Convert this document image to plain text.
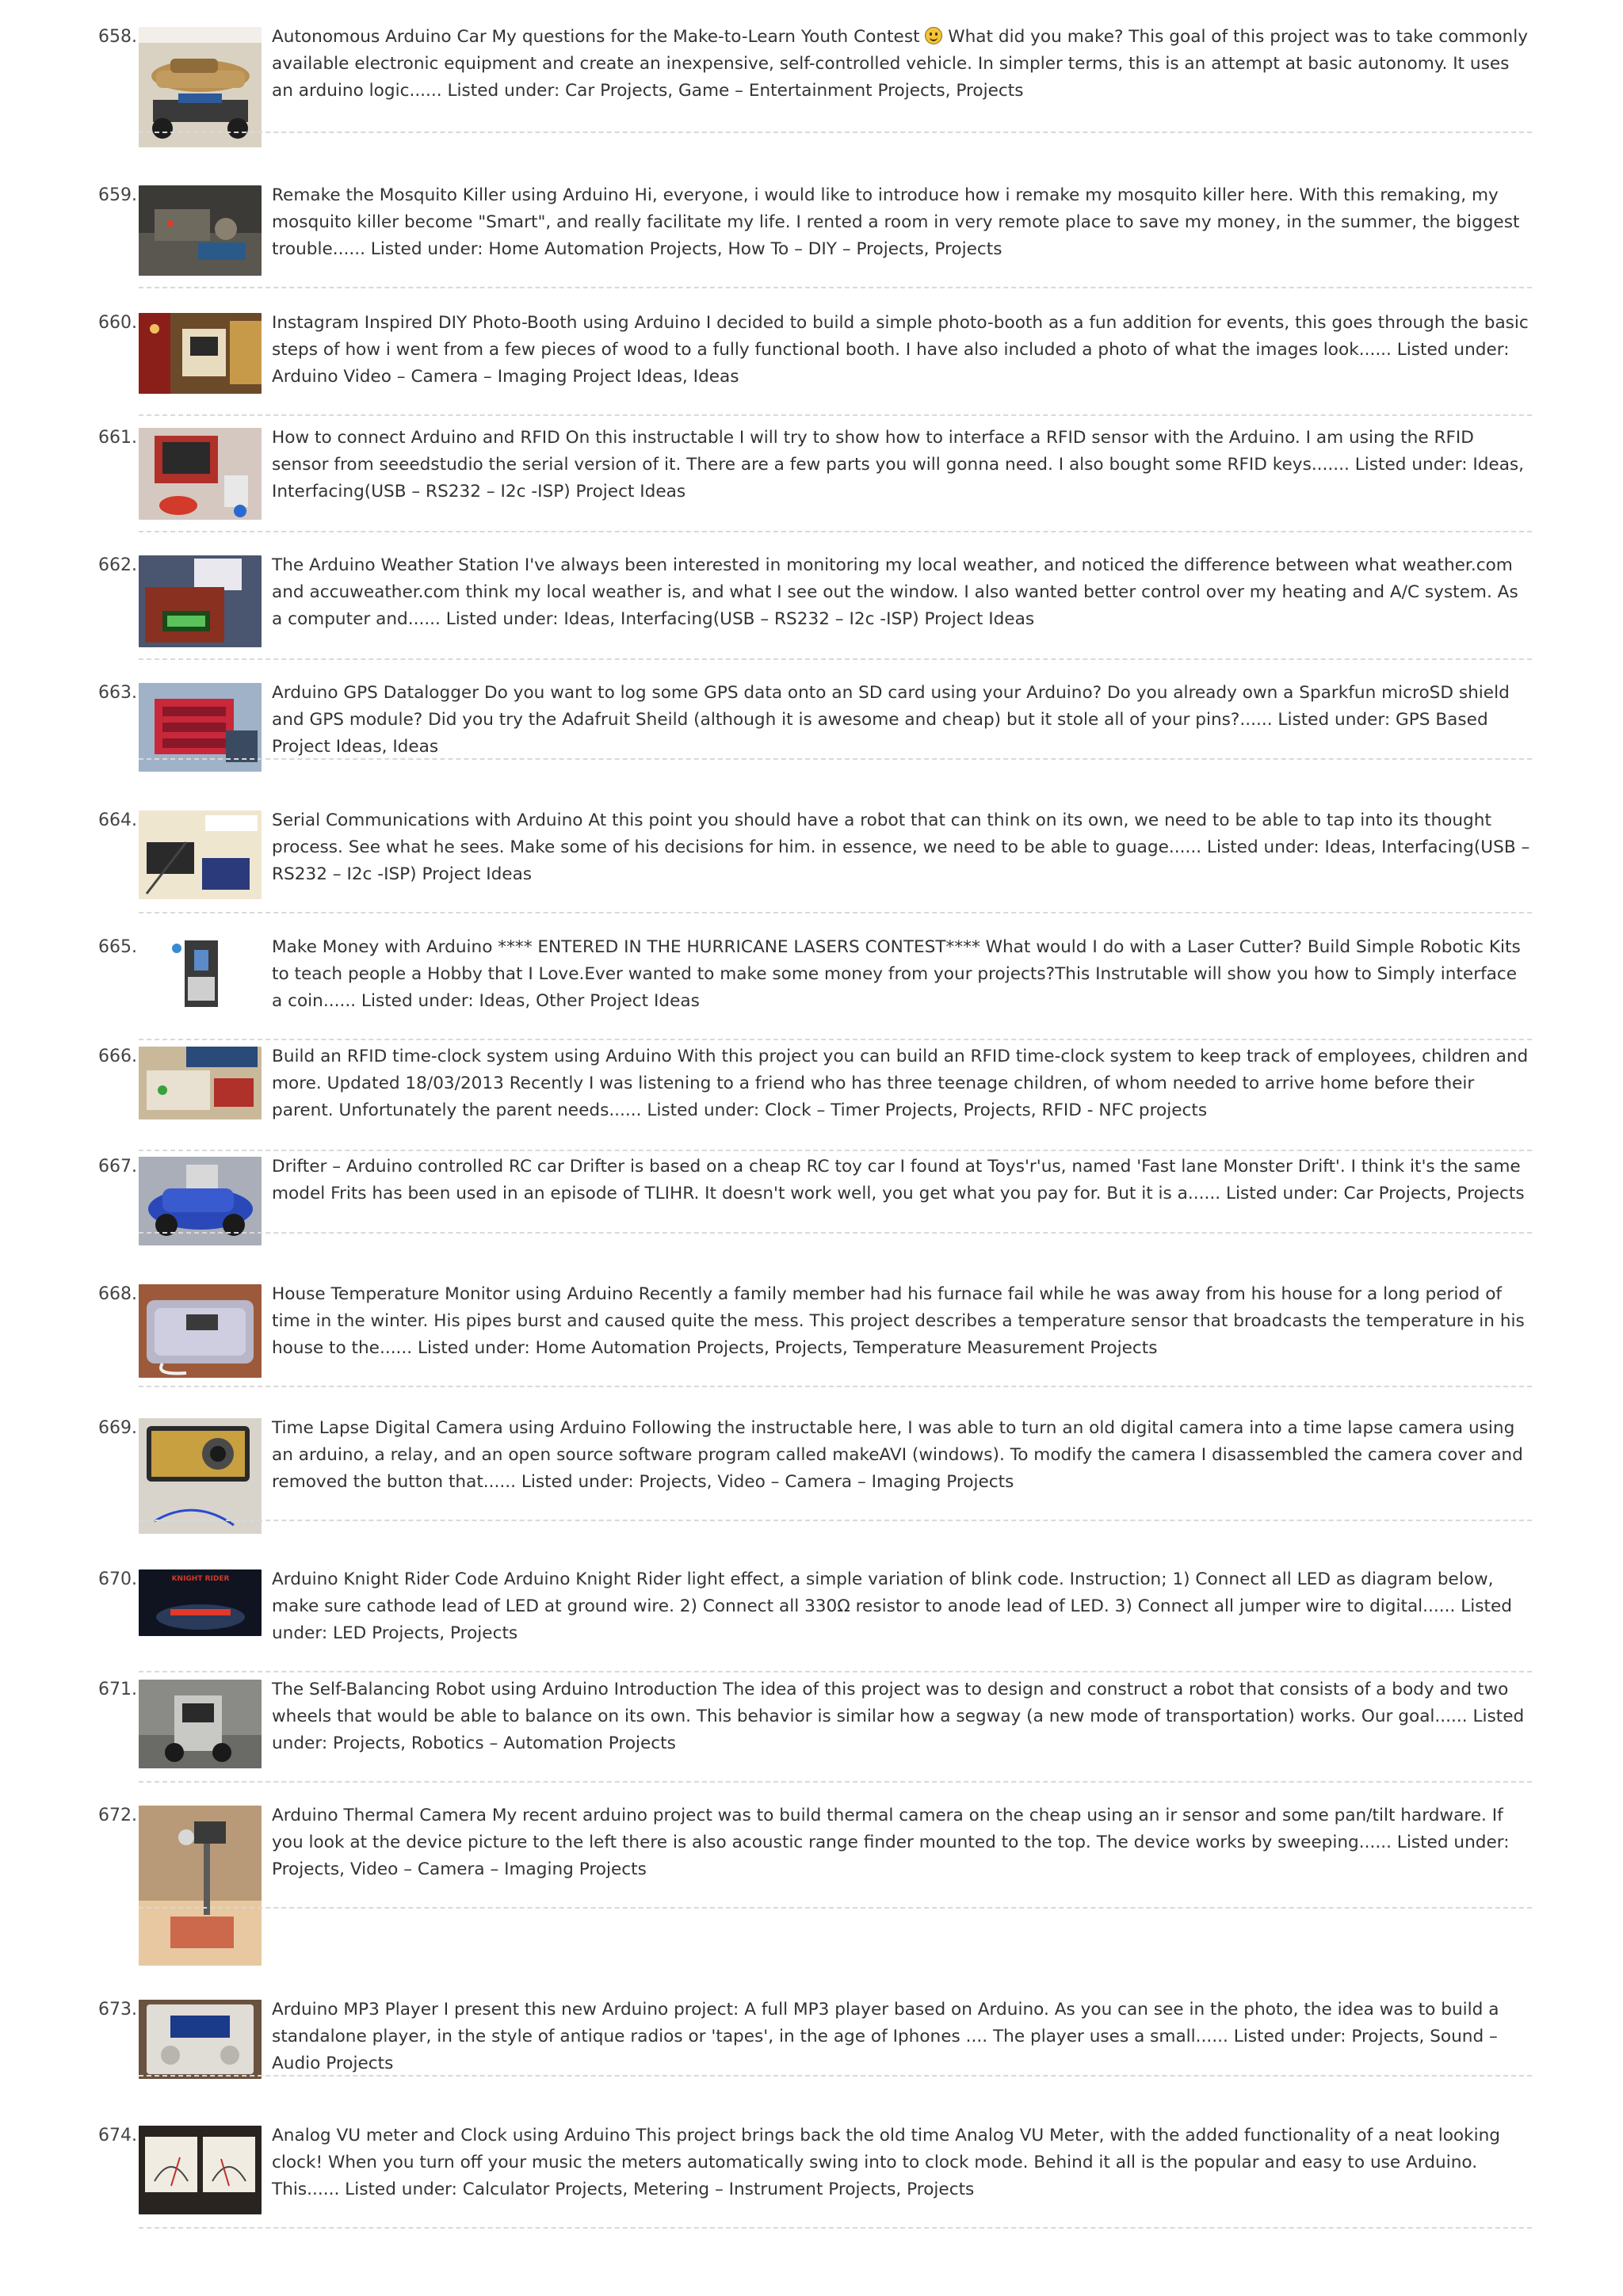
658.	Autonomous Arduino Car My questions for the Make-to-Learn Youth Contest  What did you make? This goal of this project was to take commonly available electronic equipment and create an inexpensive, self-controlled vehicle. In simpler terms, this is an attempt at basic autonomy. It uses an arduino logic...... Listed under: Car Projects, Game – Entertainment Projects, Projects
659.	Remake the Mosquito Killer using Arduino Hi, everyone, i would like to introduce how i remake my mosquito killer here. With this remaking, my mosquito killer become "Smart", and really facilitate my life. I rented a room in very remote place to save my money, in the summer, the biggest trouble...... Listed under: Home Automation Projects, How To – DIY – Projects, Projects
660.	Instagram Inspired DIY Photo-Booth using Arduino I decided to build a simple photo-booth as a fun addition for events, this goes through the basic steps of how i went from a few pieces of wood to a fully functional booth. I have also included a photo of what the images look...... Listed under: Arduino Video – Camera – Imaging Project Ideas, Ideas
661.	How to connect Arduino and RFID On this instructable I will try to show how to interface a RFID sensor with the Arduino. I am using the RFID sensor from seeedstudio the serial version of it. There are a few parts you will gonna need. I also bought some RFID keys....... Listed under: Ideas, Interfacing(USB – RS232 – I2c -ISP) Project Ideas
662.	The Arduino Weather Station I've always been interested in monitoring my local weather, and noticed the difference between what weather.com and accuweather.com think my local weather is, and what I see out the window. I also wanted better control over my heating and A/C system. As a computer and...... Listed under: Ideas, Interfacing(USB – RS232 – I2c -ISP) Project Ideas
663.	Arduino GPS Datalogger Do you want to log some GPS data onto an SD card using your Arduino? Do you already own a Sparkfun microSD shield and GPS module? Did you try the Adafruit Sheild (although it is awesome and cheap) but it stole all of your pins?...... Listed under: GPS Based Project Ideas, Ideas
664.	Serial Communications with Arduino At this point you should have a robot that can think on its own, we need to be able to tap into its thought process. See what he sees. Make some of his decisions for him. in essence, we need to be able to guage...... Listed under: Ideas, Interfacing(USB – RS232 – I2c -ISP) Project Ideas
665.	Make Money with Arduino **** ENTERED IN THE HURRICANE LASERS CONTEST**** What would I do with a Laser Cutter? Build Simple Robotic Kits to teach people a Hobby that I Love.Ever wanted to make some money from your projects?This Instrutable will show you how to Simply interface a coin...... Listed under: Ideas, Other Project Ideas
666.	Build an RFID time-clock system using Arduino With this project you can build an RFID time-clock system to keep track of employees, children and more. Updated 18/03/2013 Recently I was listening to a friend who has three teenage children, of whom needed to arrive home before their parent. Unfortunately the parent needs...... Listed under: Clock – Timer Projects, Projects, RFID - NFC projects
667.	Drifter – Arduino controlled RC car Drifter is based on a cheap RC toy car I found at Toys'r'us, named 'Fast lane Monster Drift'. I think it's the same model Frits has been used in an episode of TLIHR. It doesn't work well, you get what you pay for. But it is a...... Listed under: Car Projects, Projects
668.	House Temperature Monitor using Arduino Recently a family member had his furnace fail while he was away from his house for a long period of time in the winter. His pipes burst and caused quite the mess. This project describes a temperature sensor that broadcasts the temperature in his house to the...... Listed under: Home Automation Projects, Projects, Temperature Measurement Projects
669.	Time Lapse Digital Camera using Arduino Following the instructable here, I was able to turn an old digital camera into a time lapse camera using an arduino, a relay, and an open source software program called makeAVI (windows). To modify the camera I disassembled the camera cover and removed the button that...... Listed under: Projects, Video – Camera – Imaging Projects
670.	KNIGHT RIDER Arduino Knight Rider Code Arduino Knight Rider light effect, a simple variation of blink code. Instruction; 1) Connect all LED as diagram below, make sure cathode lead of LED at ground wire. 2) Connect all 330Ω resistor to anode lead of LED. 3) Connect all jumper wire to digital...... Listed under: LED Projects, Projects
671.	The Self-Balancing Robot using Arduino Introduction The idea of this project was to design and construct a robot that consists of a body and two wheels that would be able to balance on its own. This behavior is similar how a segway (a new mode of transportation) works. Our goal...... Listed under: Projects, Robotics – Automation Projects
672.	Arduino Thermal Camera My recent arduino project was to build thermal camera on the cheap using an ir sensor and some pan/tilt hardware. If you look at the device picture to the left there is also acoustic range finder mounted to the top. The device works by sweeping...... Listed under: Projects, Video – Camera – Imaging Projects
673.	Arduino MP3 Player I present this new Arduino project: A full MP3 player based on Arduino. As you can see in the photo, the idea was to build a standalone player, in the style of antique radios or 'tapes', in the age of Iphones .... The player uses a small...... Listed under: Projects, Sound – Audio Projects
674.	Analog VU meter and Clock using Arduino This project brings back the old time Analog VU Meter, with the added functionality of a neat looking clock! When you turn off your music the meters automatically swing into to clock mode. Behind it all is the popular and easy to use Arduino. This...... Listed under: Calculator Projects, Metering – Instrument Projects, Projects
